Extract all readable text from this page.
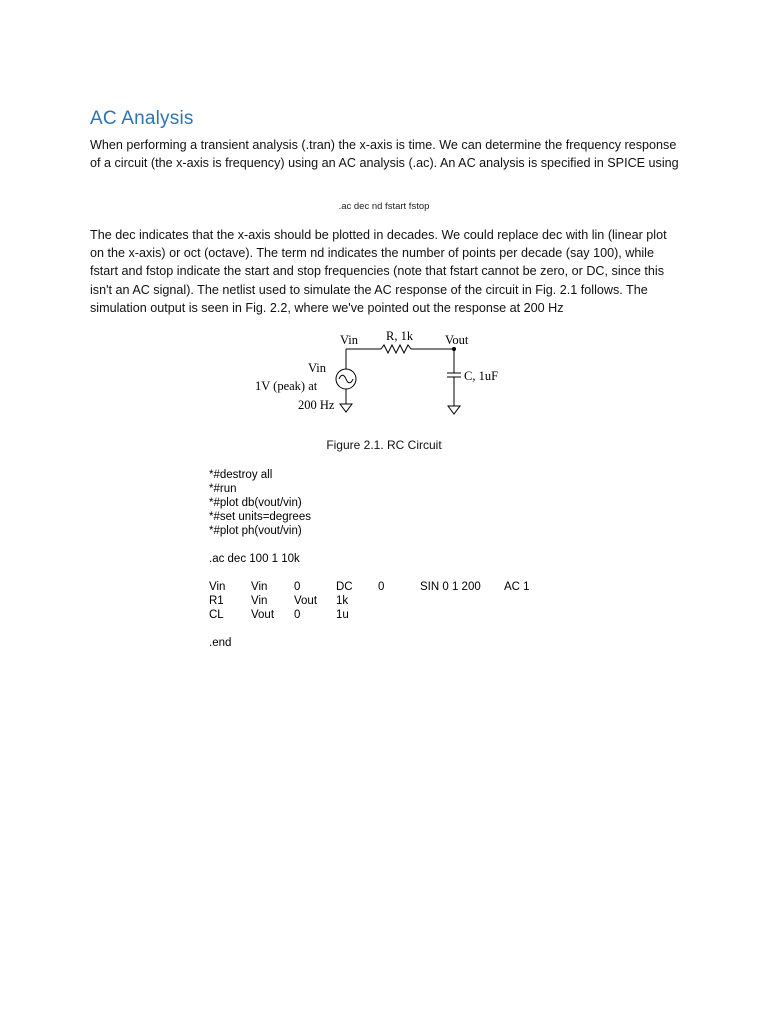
AC Analysis

When performing a transient analysis (.tran) the x-axis is time. We can determine the frequency response of a circuit (the x-axis is frequency) using an AC analysis (.ac). An AC analysis is specified in SPICE using

.ac dec nd fstart fstop

The dec indicates that the x-axis should be plotted in decades. We could replace dec with lin (linear plot on the x-axis) or oct (octave). The term nd indicates the number of points per decade (say 100), while fstart and fstop indicate the start and stop frequencies (note that fstart cannot be zero, or DC, since this isn't an AC signal). The netlist used to simulate the AC response of the circuit in Fig. 2.1 follows. The simulation output is seen in Fig. 2.2, where we've pointed out the response at 200 Hz

Vin R, 1k	Vout
Vin
1V (peak) at
200 Hz
C, 1uF
Figure 2.1. RC Circuit
*#destroy all
*#run
*#plot db(vout/vin)
*#set units=degrees
*#plot ph(vout/vin)
.ac dec 100 1 10k
Vin	Vin	0	DC	0	SIN 0 1 200	AC 1
R1	Vin	Vout	1k
CL	Vout	0	1u
.end
